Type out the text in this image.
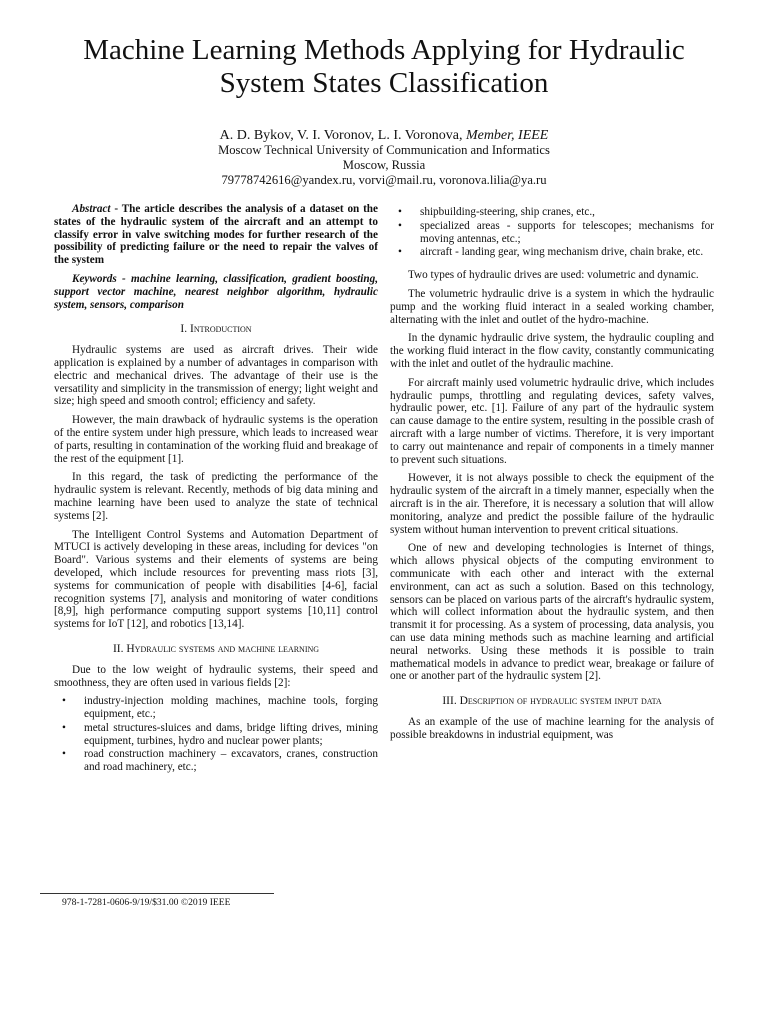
Machine Learning Methods Applying for Hydraulic
System States Classification
A. D. Bykov, V. I. Voronov, L. I. Voronova, Member, IEEE
Moscow Technical University of Communication and Informatics
Moscow, Russia
79778742616@yandex.ru, vorvi@mail.ru, voronova.lilia@ya.ru

Abstract - The article describes the analysis of a dataset on the states of the hydraulic system of the aircraft and an attempt to classify error in valve switching modes for further research of the possibility of predicting failure or the need to repair the valves of the system

Keywords - machine learning, classification, gradient boosting, support vector machine, nearest neighbor algorithm, hydraulic system, sensors, comparison

I. Introduction

Hydraulic systems are used as aircraft drives. Their wide application is explained by a number of advantages in comparison with electric and mechanical drives. The advantage of their use is the versatility and simplicity in the transmission of energy; light weight and size; high speed and smooth control; efficiency and safety.

However, the main drawback of hydraulic systems is the operation of the entire system under high pressure, which leads to increased wear of parts, resulting in contamination of the working fluid and breakage of the rest of the equipment [1].

In this regard, the task of predicting the performance of the hydraulic system is relevant. Recently, methods of big data mining and machine learning have been used to analyze the state of technical systems [2].

The Intelligent Control Systems and Automation Department of MTUCI is actively developing in these areas, including for devices "on Board". Various systems and their elements of systems are being developed, which include resources for preventing mass riots [3], systems for communication of people with disabilities [4-6], facial recognition systems [7], analysis and monitoring of water conditions [8,9], high performance computing support systems [10,11] control systems for IoT [12], and robotics [13,14].

II. Hydraulic systems and machine learning

Due to the low weight of hydraulic systems, their speed and smoothness, they are often used in various fields [2]:

• industry-injection molding machines, machine tools, forging equipment, etc.;
• metal structures-sluices and dams, bridge lifting drives, mining equipment, turbines, hydro and nuclear power plants;
• road construction machinery – excavators, cranes, construction and road machinery, etc.;
• shipbuilding-steering, ship cranes, etc.,
• specialized areas - supports for telescopes; mechanisms for moving antennas, etc.;
• aircraft - landing gear, wing mechanism drive, chain brake, etc.

Two types of hydraulic drives are used: volumetric and dynamic.

The volumetric hydraulic drive is a system in which the hydraulic pump and the working fluid interact in a sealed working chamber, alternating with the inlet and outlet of the hydro-machine.

In the dynamic hydraulic drive system, the hydraulic coupling and the working fluid interact in the flow cavity, constantly communicating with the inlet and outlet of the hydraulic machine.

For aircraft mainly used volumetric hydraulic drive, which includes hydraulic pumps, throttling and regulating devices, safety valves, hydraulic power, etc. [1]. Failure of any part of the hydraulic system can cause damage to the entire system, resulting in the possible crash of aircraft with a large number of victims. Therefore, it is very important to carry out maintenance and repair of components in a timely manner to prevent such situations.

However, it is not always possible to check the equipment of the hydraulic system of the aircraft in a timely manner, especially when the aircraft is in the air. Therefore, it is necessary a solution that will allow monitoring, analyze and predict the possible failure of the hydraulic system without human intervention to prevent critical situations.

One of new and developing technologies is Internet of things, which allows physical objects of the computing environment to communicate with each other and interact with the external environment, can act as such a solution. Based on this technology, sensors can be placed on various parts of the aircraft's hydraulic system, which will collect information about the hydraulic system, and then transmit it for processing. As a system of processing, data analysis, you can use data mining methods such as machine learning and artificial neural networks. Using these methods it is possible to train mathematical models in advance to predict wear, breakage or failure of one or another part of the hydraulic system [2].

III. Description of hydraulic system input data

As an example of the use of machine learning for the analysis of possible breakdowns in industrial equipment, was

978-1-7281-0606-9/19/$31.00 ©2019 IEEE
